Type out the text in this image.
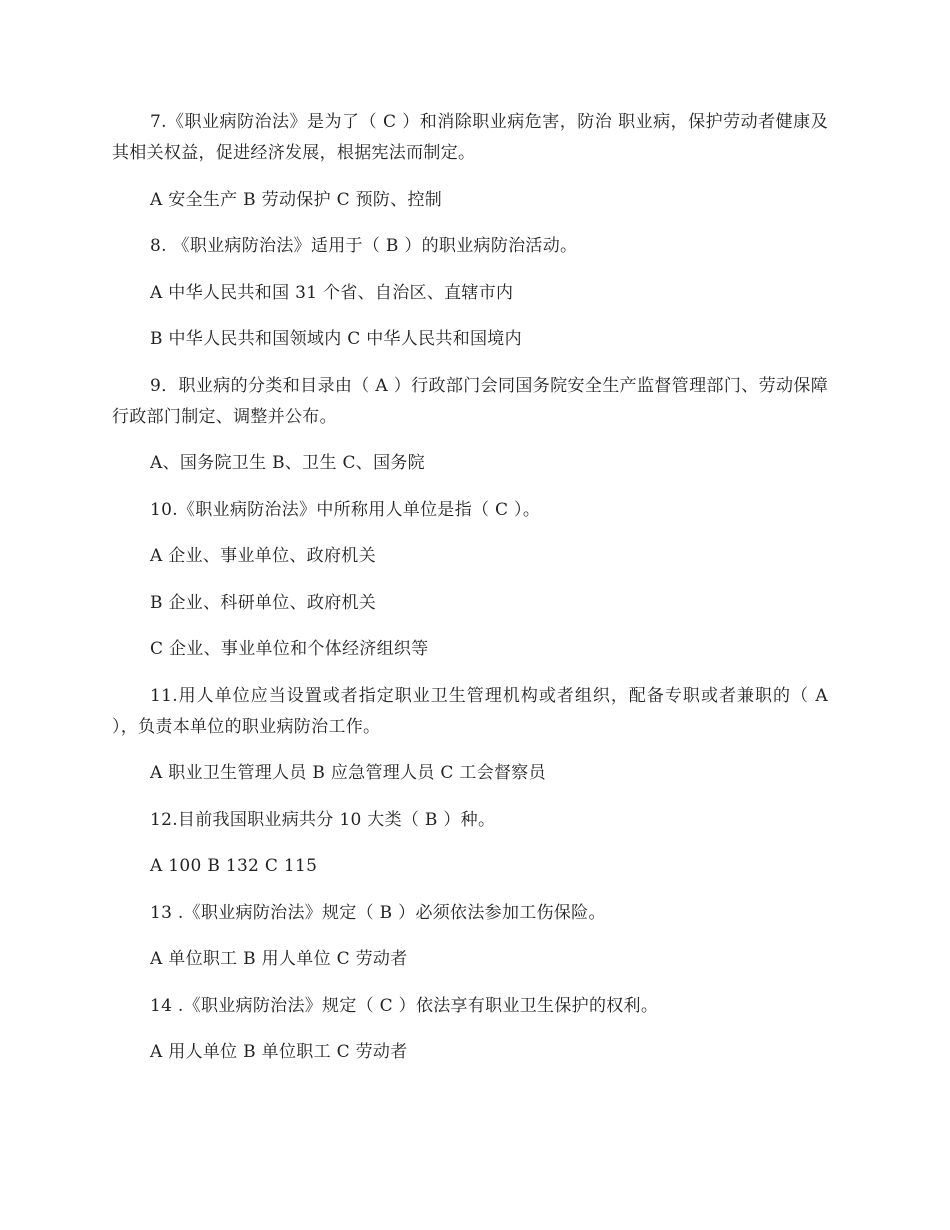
7.《职业病防治法》是为了（ C ）和消除职业病危害，防治 职业病，保护劳动者健康及其相关权益，促进经济发展，根据宪法而制定。

A 安全生产 B 劳动保护 C 预防、控制

8. 《职业病防治法》适用于（ B ）的职业病防治活动。

A 中华人民共和国 31 个省、自治区、直辖市内

B 中华人民共和国领域内 C 中华人民共和国境内

9．职业病的分类和目录由（ A ）行政部门会同国务院安全生产监督管理部门、劳动保障行政部门制定、调整并公布。

A、国务院卫生 B、卫生 C、国务院

10.《职业病防治法》中所称用人单位是指（ C ）。

A 企业、事业单位、政府机关

B 企业、科研单位、政府机关

C 企业、事业单位和个体经济组织等

11.用人单位应当设置或者指定职业卫生管理机构或者组织，配备专职或者兼职的（ A ），负责本单位的职业病防治工作。

A 职业卫生管理人员 B 应急管理人员 C 工会督察员

12.目前我国职业病共分 10 大类（ B ）种。

A 100 B 132 C 115

13 .《职业病防治法》规定（ B ）必须依法参加工伤保险。

A 单位职工 B 用人单位 C 劳动者

14 .《职业病防治法》规定（ C ）依法享有职业卫生保护的权利。

A 用人单位 B 单位职工 C 劳动者
